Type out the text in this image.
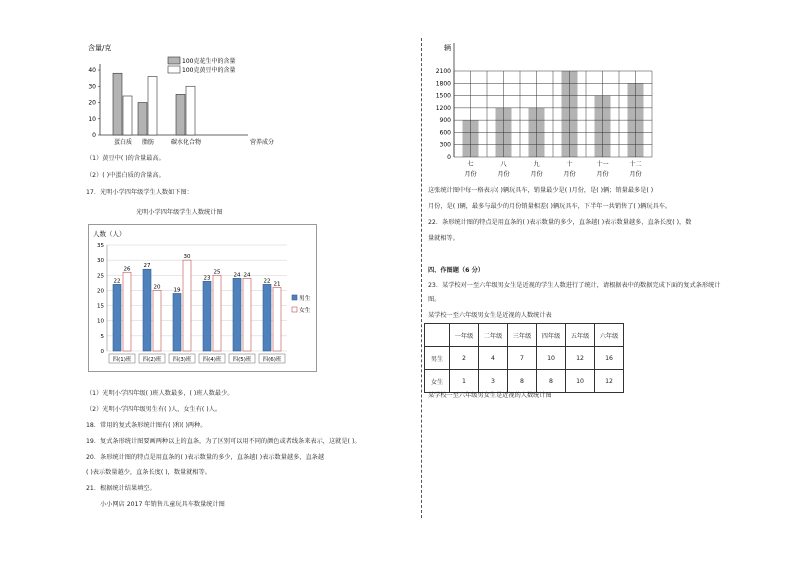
含量/克
0
10
20
30
40
蛋白质 脂肪	碳水化合物	营养成分
100克花生中的含量
100克黄豆中的含量
（1）黄豆中( )的含量最高。
（2）( )中蛋白质的含量高。
17．光明小学四年级学生人数如下图：
光明小学四年级学生人数统计图
人数（人）
0
5
10
15
20
25
30
35
22
26
四(1)班
27
20
四(2)班
19
30
四(3)班
23
25
四(4)班
24 24
四(5)班
22
21
四(6)班
男生
女生
（1）光明小学四年级( )班人数最多，( )班人数最少。
（2）光明小学四年级男生有( )人，女生有( )人。
18．常用的复式条形统计图有( )和( )两种。
19．复式条形统计图要画两种以上的直条，为了区别可以用不同的颜色或者线条来表示，这就是( )。
20．条形统计图的特点是用直条的( )表示数量的多少，直条越( )表示数量越多，直条越
( )表示数量越少，直条长度( )，数量就相等。
21．根据统计结果填空。
小小网店 2017 年销售儿童玩具车数量统计图
辆
七
月份
八
月份
九
月份
十
月份
十一
月份
十二
月份
0
300
600
900
1200
1500
1800
2100
这张统计图中每一格表示( )辆玩具车，销量最少是( )月份，是( )辆；销量最多是( )
月份，是( )辆，最多与最少的月份销量相差( )辆玩具车，下半年一共销售了( )辆玩具车。
22．条形统计图的特点是用直条的( )表示数量的多少，直条越( )表示数量越多，直条长度( )，数
量就相等。
四、作图题（6 分）
23．某学校对一至六年级男女生是近视的学生人数进行了统计，请根据表中的数据完成下面的复式条形统计
图。
某学校一至六年级男女生是近视的人数统计表
	一年级	二年级	三年级	四年级	五年级	六年级
男生	2	4	7	10	12	16
女生	1	3	8	8	10	12
某学校一至六年级男女生是近视的人数统计图
